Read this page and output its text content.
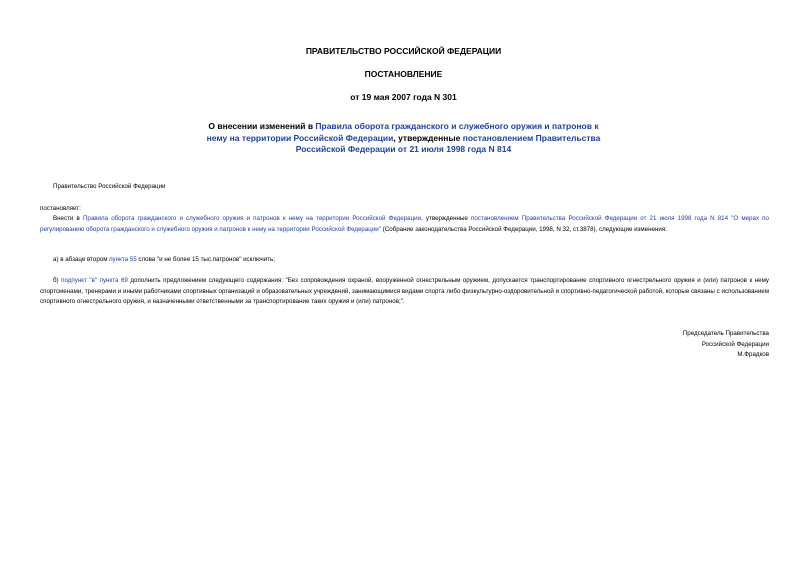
ПРАВИТЕЛЬСТВО РОССИЙСКОЙ ФЕДЕРАЦИИ
ПОСТАНОВЛЕНИЕ
от 19 мая 2007 года N 301
О внесении изменений в Правила оборота гражданского и служебного оружия и патронов к нему на территории Российской Федерации, утвержденные постановлением Правительства Российской Федерации от 21 июля 1998 года N 814
Правительство Российской Федерации
постановляет:
Внести в Правила оборота гражданского и служебного оружия и патронов к нему на территории Российской Федерации, утвержденные постановлением Правительства Российской Федерации от 21 июля 1998 года N 814 "О мерах по регулированию оборота гражданского и служебного оружия и патронов к нему на территории Российской Федерации" (Собрание законодательства Российской Федерации, 1998, N 32, ст.3878), следующие изменения:
а) в абзаце втором пункта 55 слова "и не более 15 тыс.патронов" исключить;
б) подпункт "в" пункта 69 дополнить предложением следующего содержания: "Без сопровождения охраной, вооруженной огнестрельным оружием, допускается транспортирование спортивного огнестрельного оружия и (или) патронов к нему спортсменами, тренерами и иными работниками спортивных организаций и образовательных учреждений, занимающимися видами спорта либо физкультурно-оздоровительной и спортивно-педагогической работой, которые связаны с использованием спортивного огнестрельного оружия, и назначенными ответственными за транспортирование таких оружия и (или) патронов;".
Председатель Правительства
Российской Федерации
М.Фрадков
